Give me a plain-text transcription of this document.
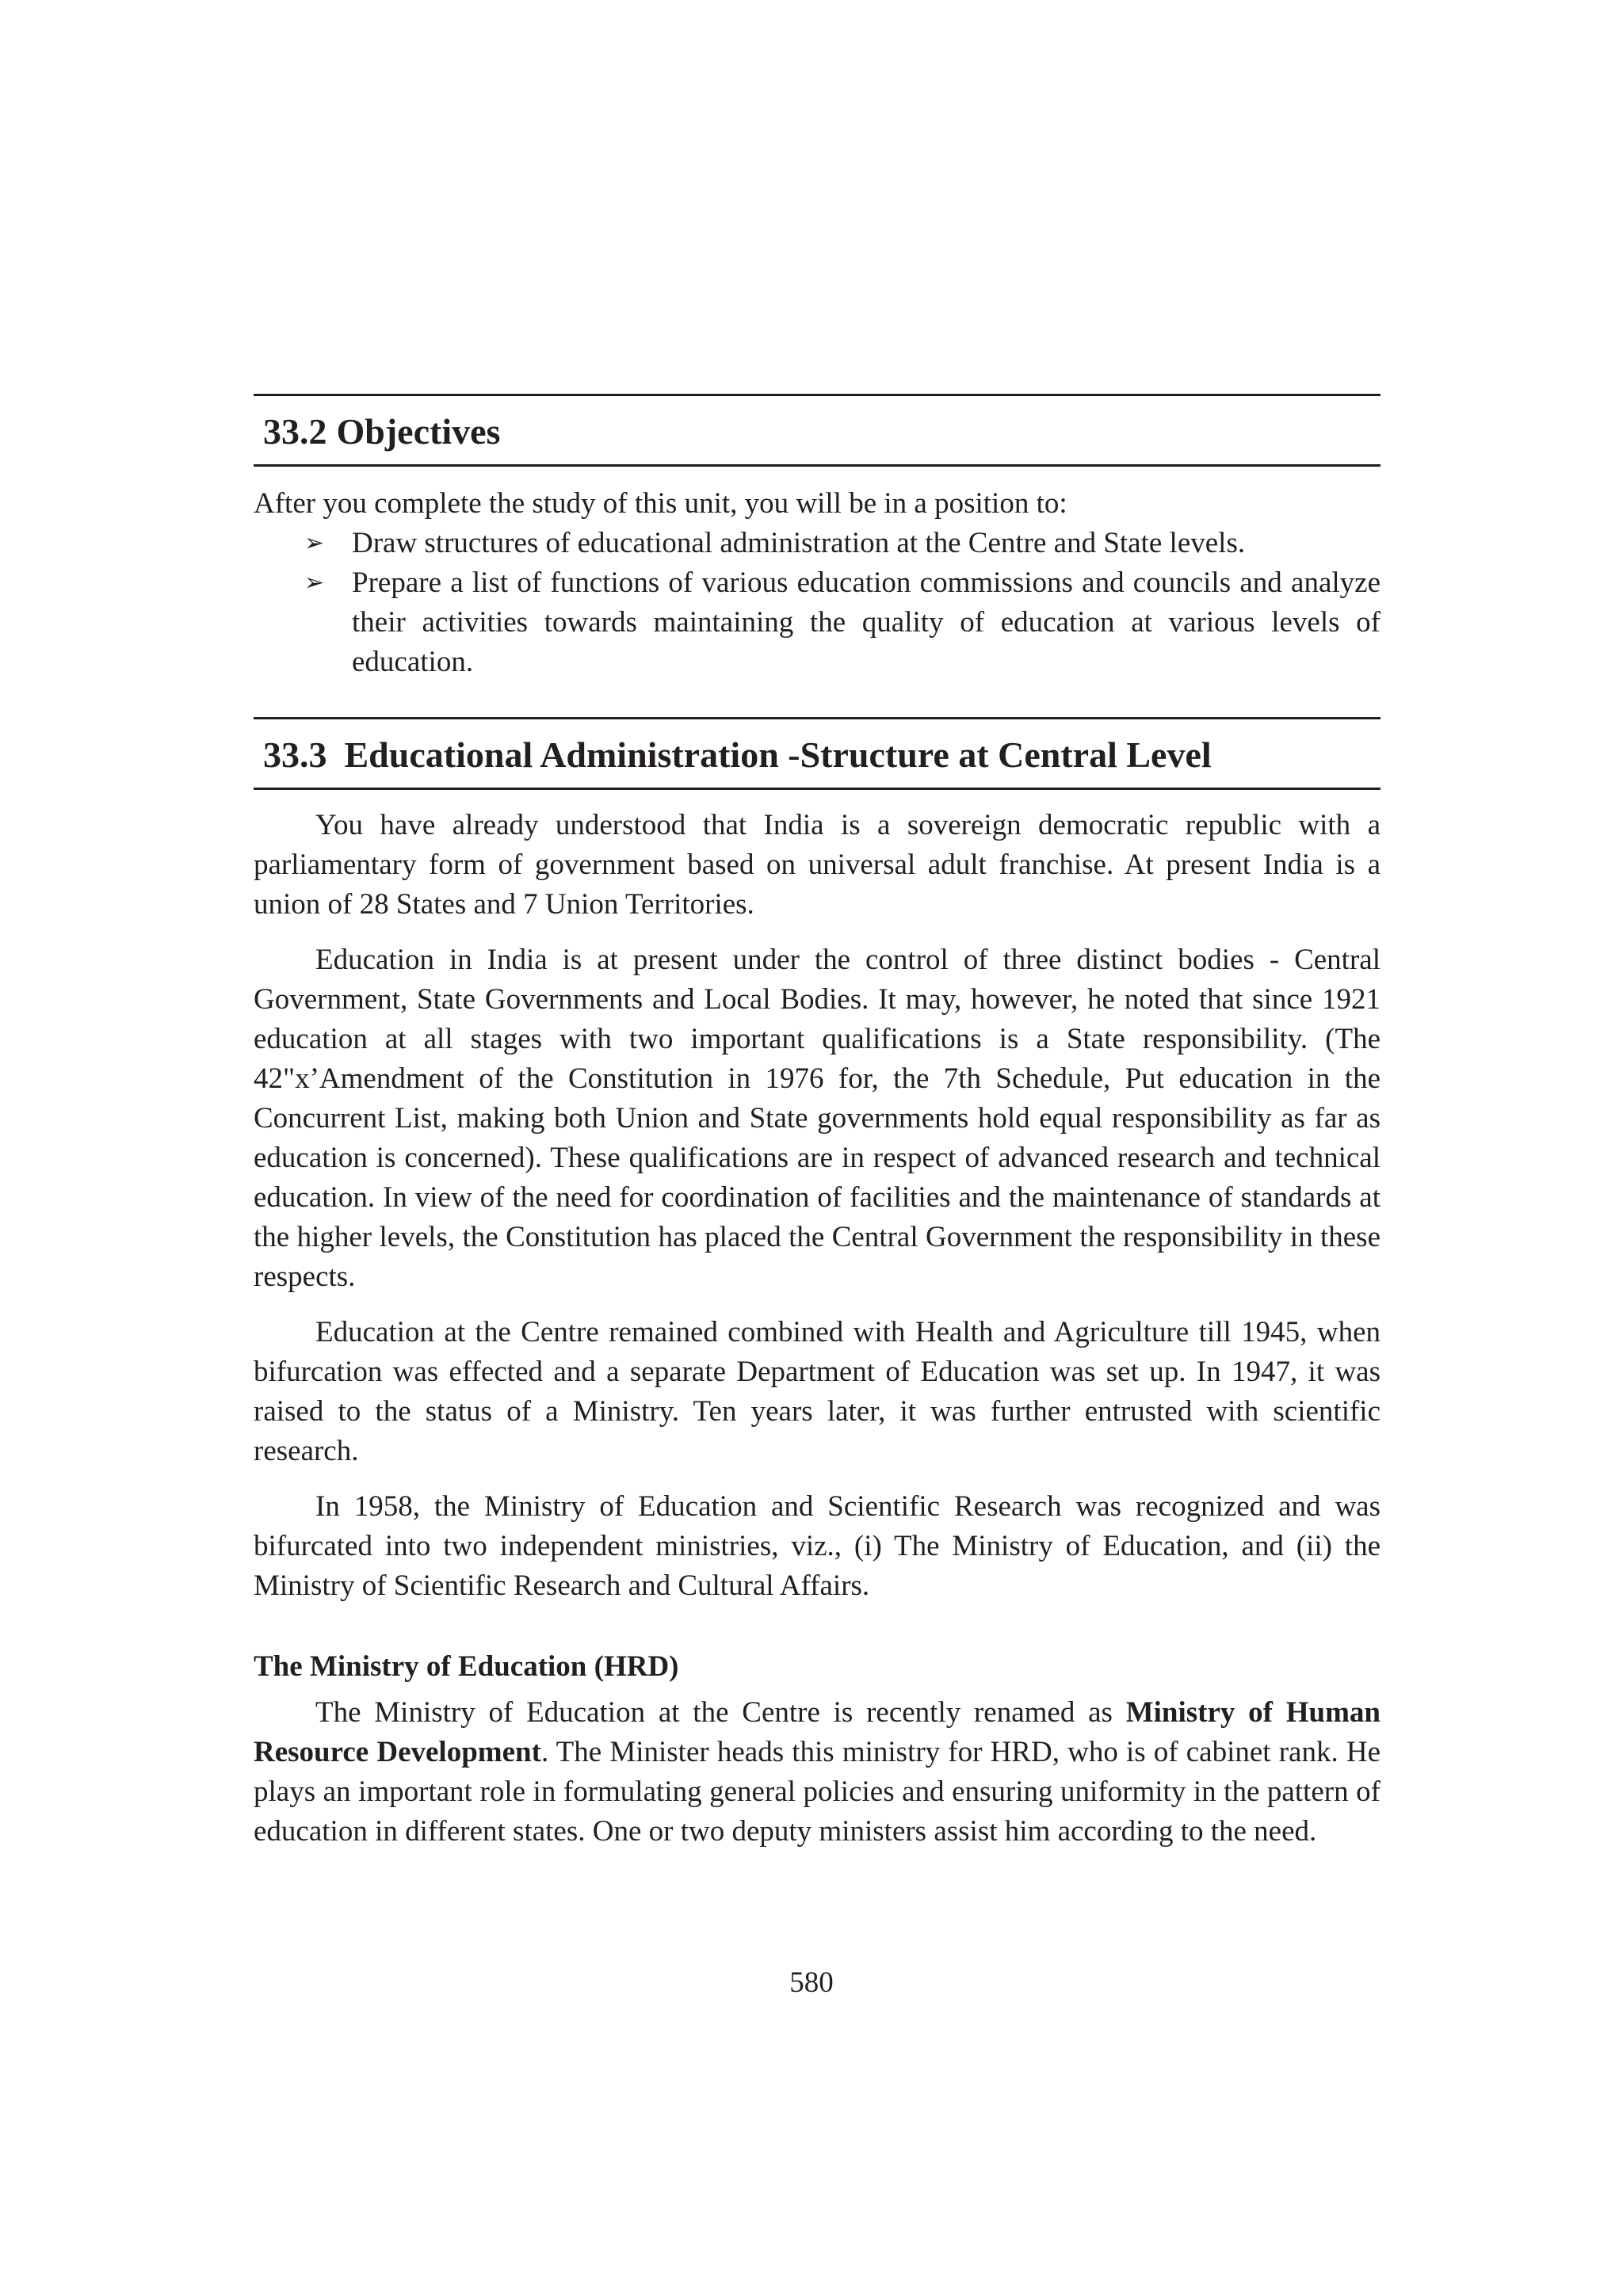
33.2 Objectives
After you complete the study of this unit, you will be in a position to:
➢ Draw structures of educational administration at the Centre and State levels.
➢ Prepare a list of functions of various education commissions and councils and analyze their activities towards maintaining the quality of education at various levels of education.
33.3 Educational Administration -Structure at Central Level

You have already understood that India is a sovereign democratic republic with a parliamentary form of government based on universal adult franchise. At present India is a union of 28 States and 7 Union Territories.

Education in India is at present under the control of three distinct bodies - Central Government, State Governments and Local Bodies. It may, however, he noted that since 1921 education at all stages with two important qualifications is a State responsibility. (The 42"x’Amendment of the Constitution in 1976 for, the 7th Schedule, Put education in the Concurrent List, making both Union and State governments hold equal responsibility as far as education is concerned). These qualifications are in respect of advanced research and technical education. In view of the need for coordination of facilities and the maintenance of standards at the higher levels, the Constitution has placed the Central Government the responsibility in these respects.

Education at the Centre remained combined with Health and Agriculture till 1945, when bifurcation was effected and a separate Department of Education was set up. In 1947, it was raised to the status of a Ministry. Ten years later, it was further entrusted with scientific research.

In 1958, the Ministry of Education and Scientific Research was recognized and was bifurcated into two independent ministries, viz., (i) The Ministry of Education, and (ii) the Ministry of Scientific Research and Cultural Affairs.

The Ministry of Education (HRD)

The Ministry of Education at the Centre is recently renamed as Ministry of Human Resource Development. The Minister heads this ministry for HRD, who is of cabinet rank. He plays an important role in formulating general policies and ensuring uniformity in the pattern of education in different states. One or two deputy ministers assist him according to the need.

580
